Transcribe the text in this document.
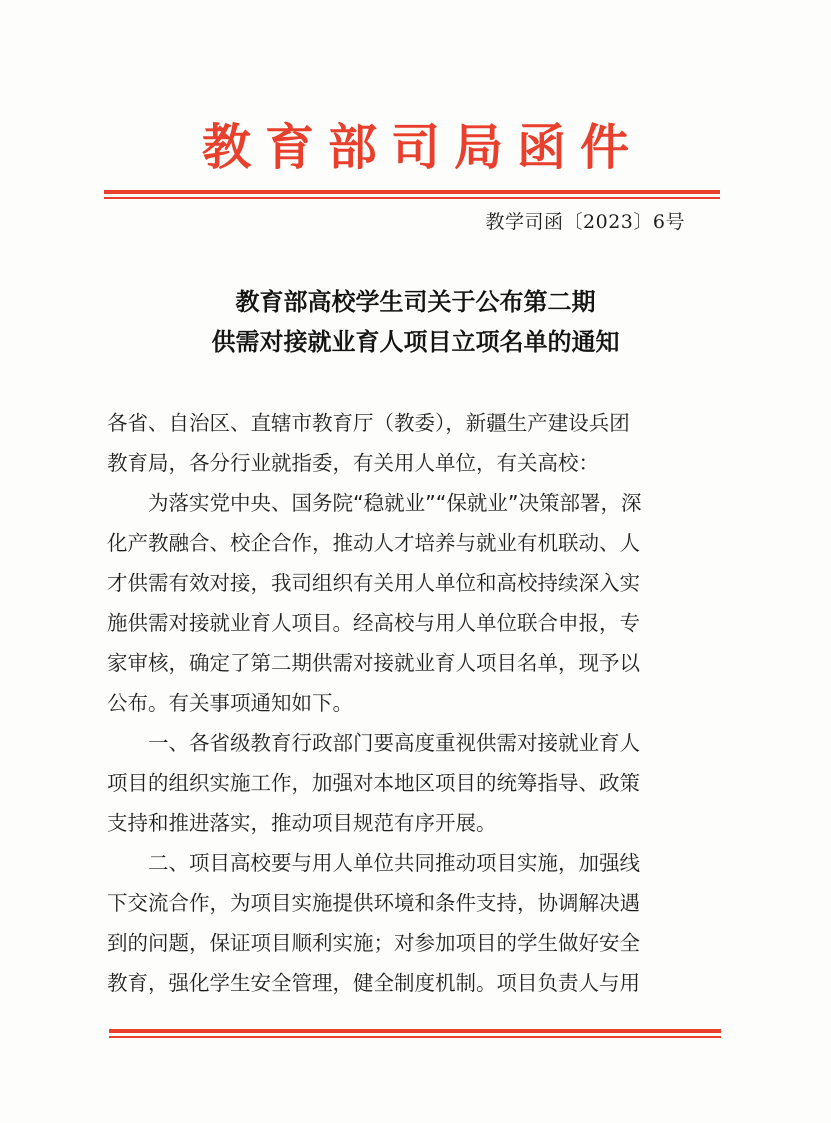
教育部司局函件
教学司函〔2023〕6号
教育部高校学生司关于公布第二期
供需对接就业育人项目立项名单的通知
各省、自治区、直辖市教育厅（教委），新疆生产建设兵团
教育局，各分行业就指委，有关用人单位，有关高校：
　　为落实党中央、国务院“稳就业”“保就业”决策部署，深
化产教融合、校企合作，推动人才培养与就业有机联动、人
才供需有效对接，我司组织有关用人单位和高校持续深入实
施供需对接就业育人项目。经高校与用人单位联合申报，专
家审核，确定了第二期供需对接就业育人项目名单，现予以
公布。有关事项通知如下。
　　一、各省级教育行政部门要高度重视供需对接就业育人
项目的组织实施工作，加强对本地区项目的统筹指导、政策
支持和推进落实，推动项目规范有序开展。
　　二、项目高校要与用人单位共同推动项目实施，加强线
下交流合作，为项目实施提供环境和条件支持，协调解决遇
到的问题，保证项目顺利实施；对参加项目的学生做好安全
教育，强化学生安全管理，健全制度机制。项目负责人与用
